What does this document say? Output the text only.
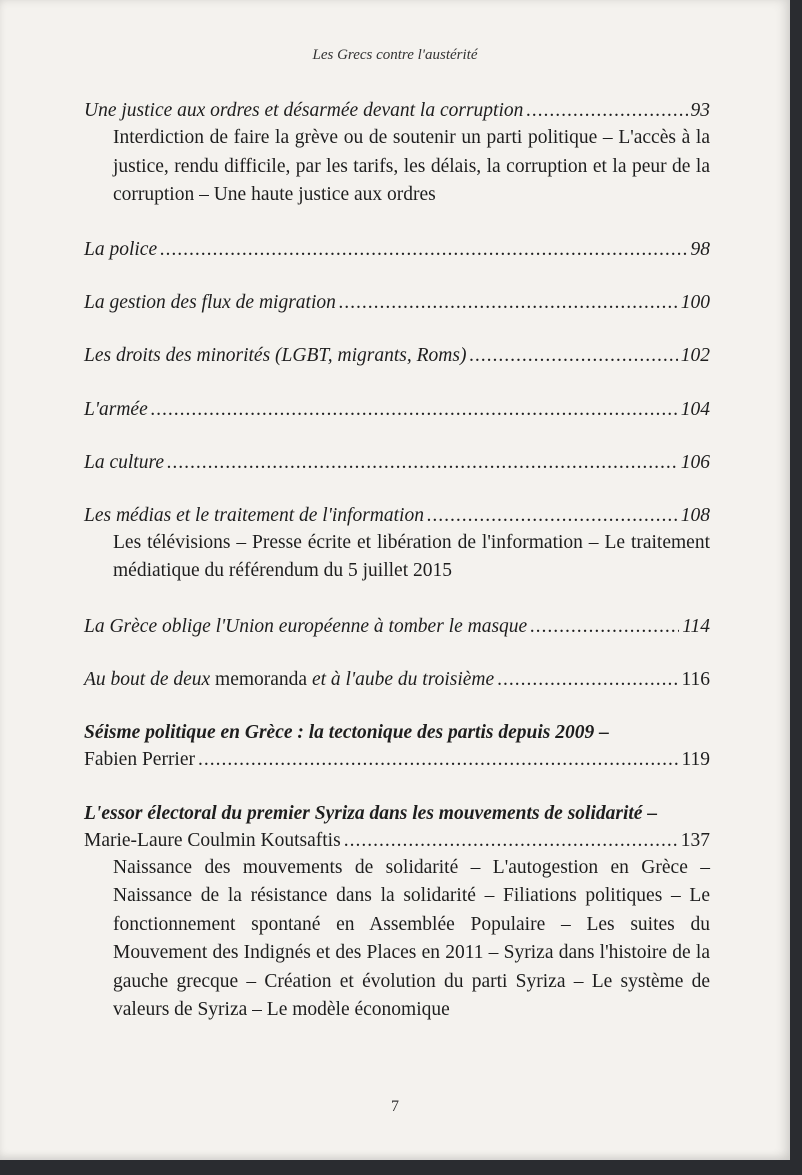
Les Grecs contre l'austérité
Une justice aux ordres et désarmée devant la corruption .....	93
Interdiction de faire la grève ou de soutenir un parti politique – L'accès à la justice, rendu difficile, par les tarifs, les délais, la corruption et la peur de la corruption – Une haute justice aux ordres
La police .....	98
La gestion des flux de migration .....	100
Les droits des minorités (LGBT, migrants, Roms) .....	102
L'armée .....	104
La culture .....	106
Les médias et le traitement de l'information .....	108
Les télévisions – Presse écrite et libération de l'information – Le traitement médiatique du référendum du 5 juillet 2015
La Grèce oblige l'Union européenne à tomber le masque .....	114
Au bout de deux memoranda et à l'aube du troisième .....	116
Séisme politique en Grèce : la tectonique des partis depuis 2009 –
Fabien Perrier .....	119
L'essor électoral du premier Syriza dans les mouvements de solidarité –
Marie-Laure Coulmin Koutsaftis .....	137
Naissance des mouvements de solidarité – L'autogestion en Grèce – Naissance de la résistance dans la solidarité – Filiations politiques – Le fonctionnement spontané en Assemblée Populaire – Les suites du Mouvement des Indignés et des Places en 2011 – Syriza dans l'histoire de la gauche grecque – Création et évolution du parti Syriza – Le système de valeurs de Syriza – Le modèle économique
7
